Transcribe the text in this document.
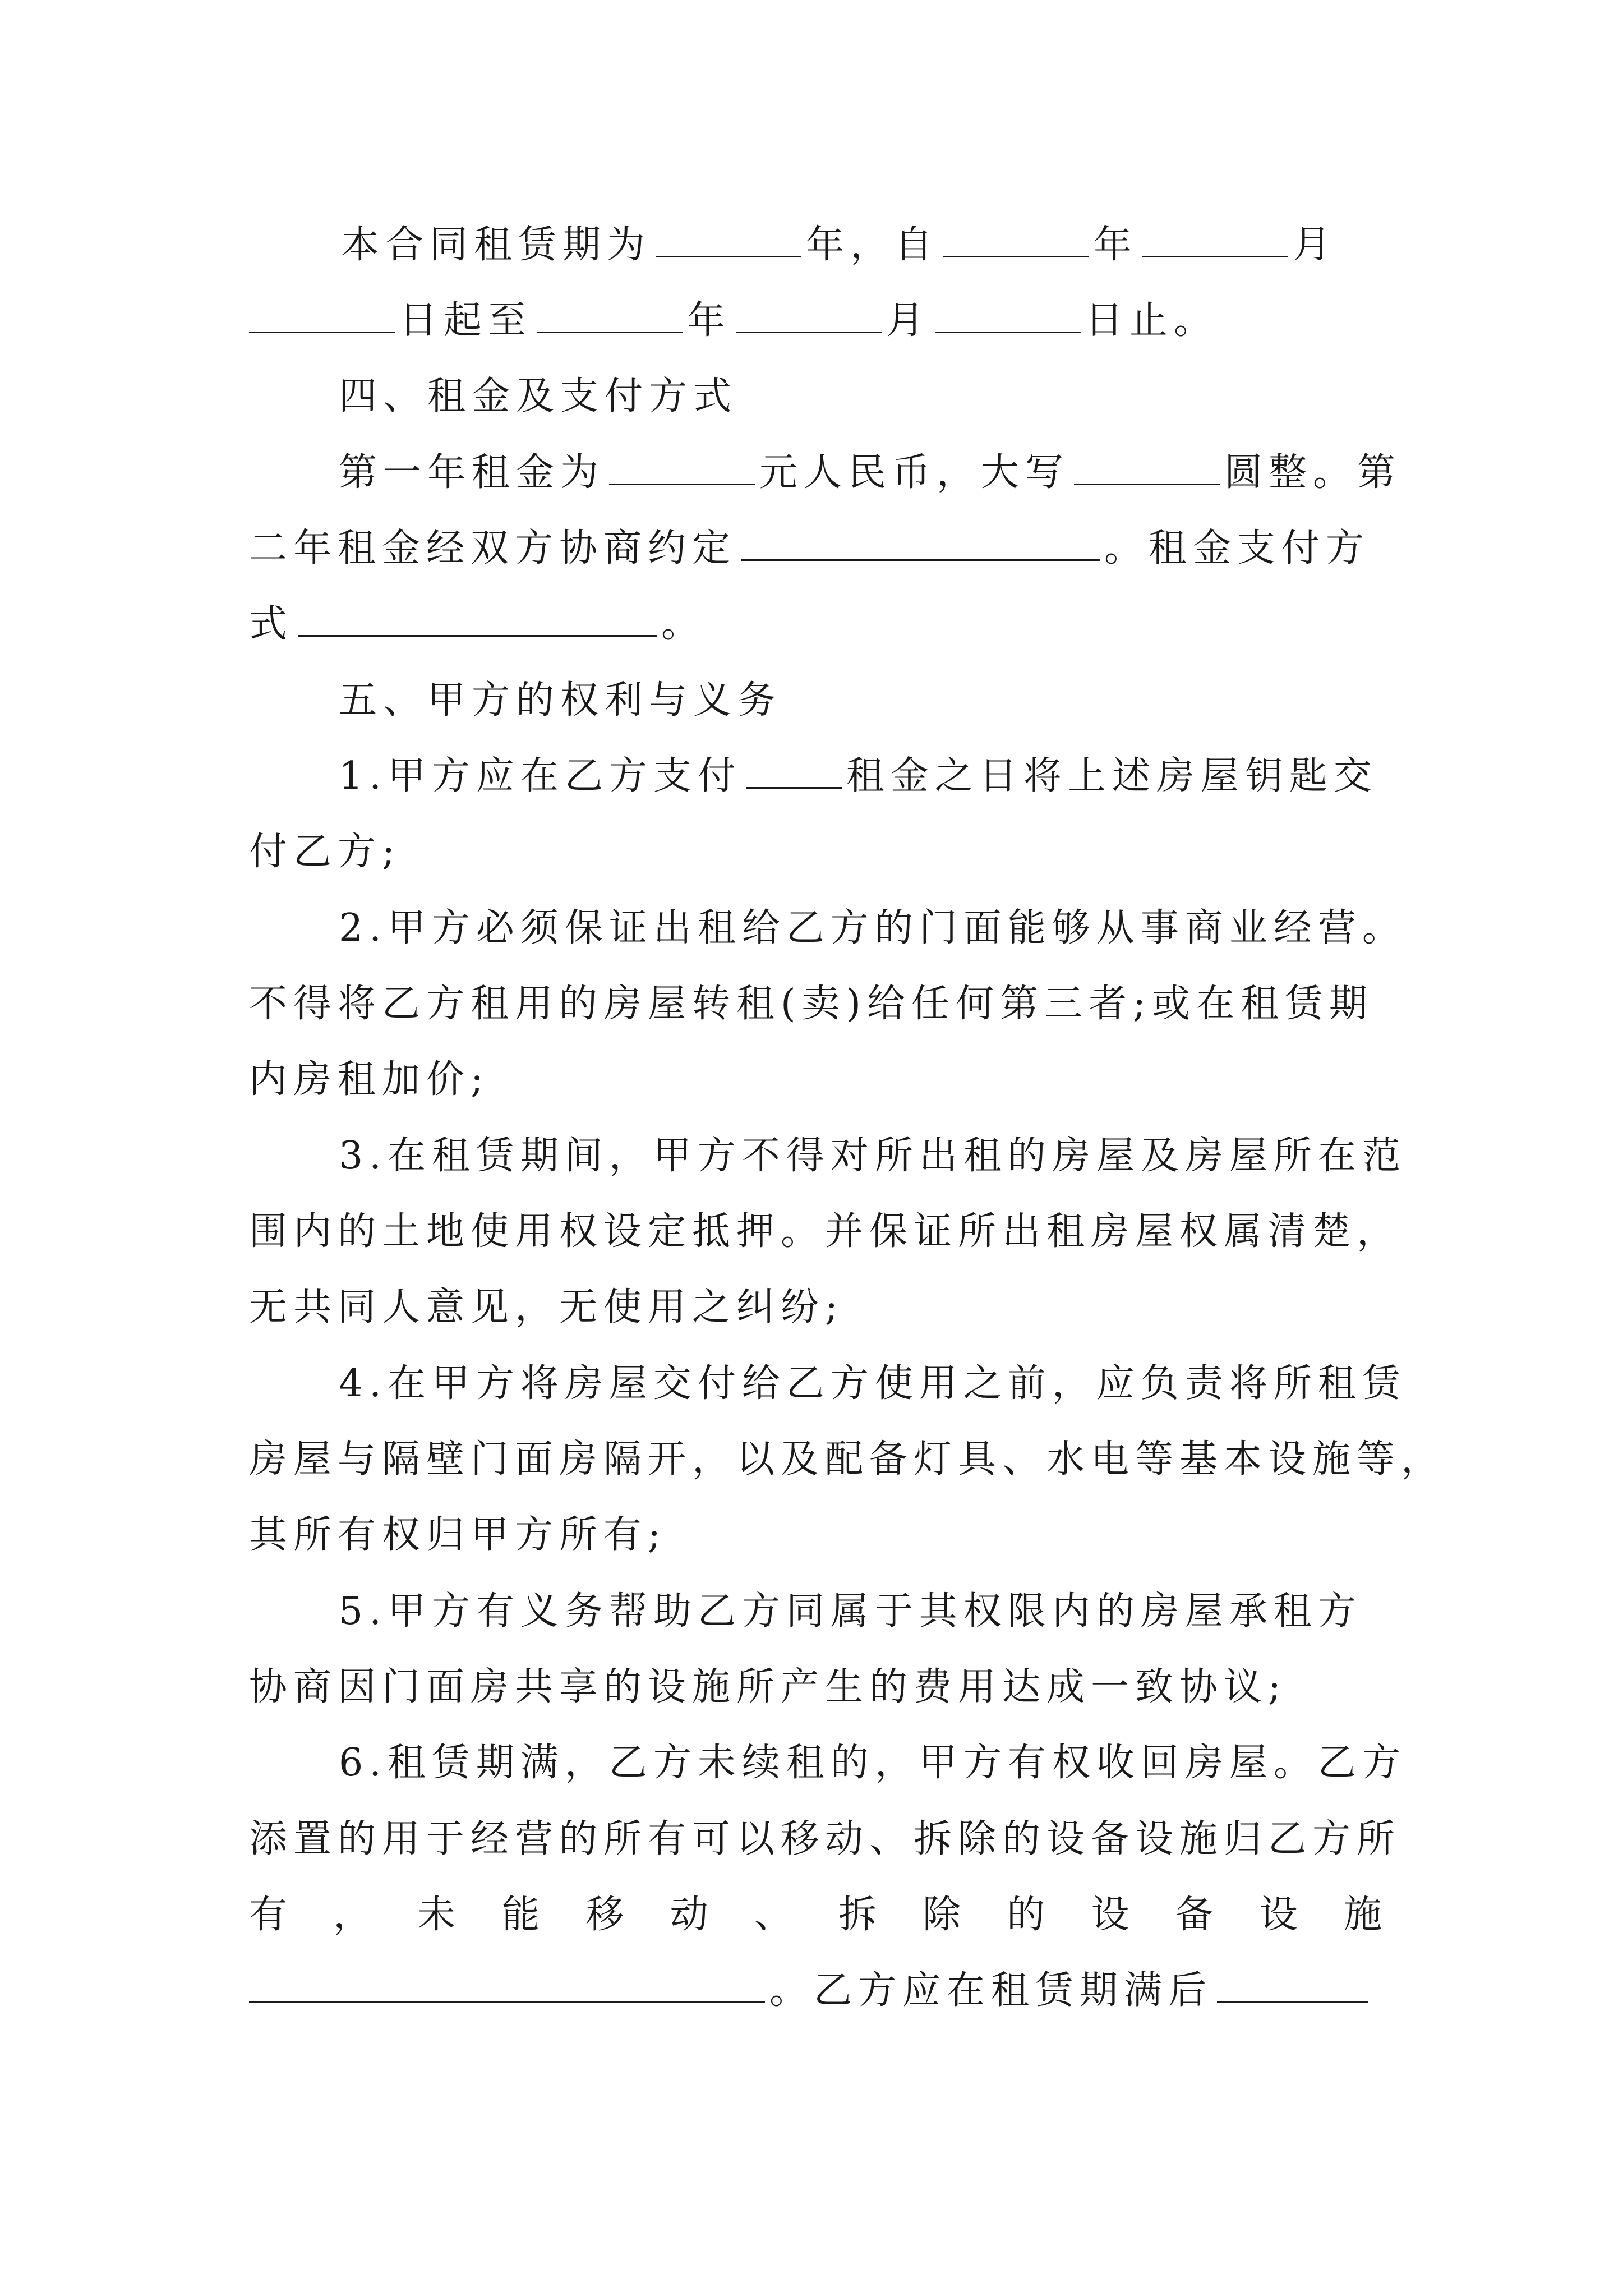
本合同租赁期为	年，自	年	月
日起至	年	月	日止。
四、租金及支付方式
第一年租金为	元人民币，大写	圆整。第
二年租金经双方协商约定	。租金支付方
式	。
五、甲方的权利与义务
1.甲方应在乙方支付	租金之日将上述房屋钥匙交
付乙方;
2.甲方必须保证出租给乙方的门面能够从事商业经营。
不得将乙方租用的房屋转租(卖)给任何第三者;或在租赁期
内房租加价;
3.在租赁期间，甲方不得对所出租的房屋及房屋所在范
围内的土地使用权设定抵押。并保证所出租房屋权属清楚，
无共同人意见，无使用之纠纷;
4.在甲方将房屋交付给乙方使用之前，应负责将所租赁
房屋与隔壁门面房隔开，以及配备灯具、水电等基本设施等，
其所有权归甲方所有;
5.甲方有义务帮助乙方同属于其权限内的房屋承租方
协商因门面房共享的设施所产生的费用达成一致协议;
6.租赁期满，乙方未续租的，甲方有权收回房屋。乙方
添置的用于经营的所有可以移动、拆除的设备设施归乙方所
有 ， 未 能 移 动 、 拆 除 的 设 备 设 施
。乙方应在租赁期满后
